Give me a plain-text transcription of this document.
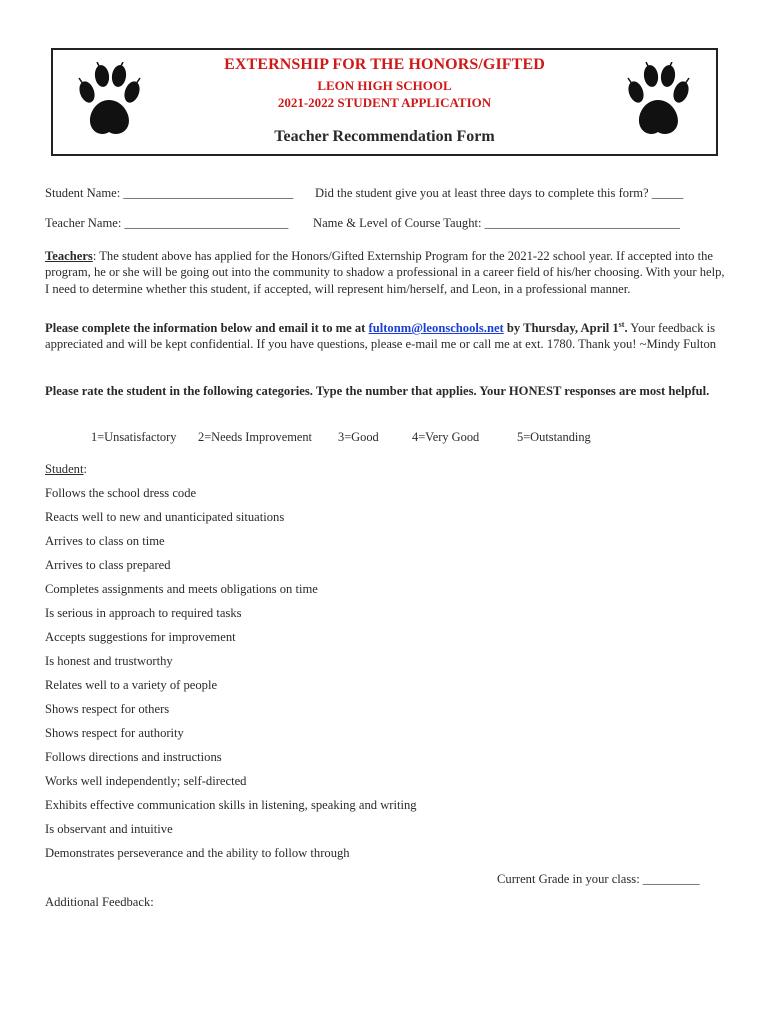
EXTERNSHIP FOR THE HONORS/GIFTED
LEON HIGH SCHOOL
2021-2022 STUDENT APPLICATION
Teacher Recommendation Form
Student Name: ___________________________ Did the student give you at least three days to complete this form? _____
Teacher Name: __________________________ Name & Level of Course Taught: _______________________________
Teachers: The student above has applied for the Honors/Gifted Externship Program for the 2021-22 school year. If accepted into the program, he or she will be going out into the community to shadow a professional in a career field of his/her choosing. With your help, I need to determine whether this student, if accepted, will represent him/herself, and Leon, in a professional manner.
Please complete the information below and email it to me at fultonm@leonschools.net by Thursday, April 1st. Your feedback is appreciated and will be kept confidential. If you have questions, please e-mail me or call me at ext. 1780. Thank you! ~Mindy Fulton
Please rate the student in the following categories. Type the number that applies. Your HONEST responses are most helpful.
1=Unsatisfactory 2=Needs Improvement 3=Good	4=Very Good	5=Outstanding
Student:
Follows the school dress code
Reacts well to new and unanticipated situations
Arrives to class on time
Arrives to class prepared
Completes assignments and meets obligations on time
Is serious in approach to required tasks
Accepts suggestions for improvement
Is honest and trustworthy
Relates well to a variety of people
Shows respect for others
Shows respect for authority
Follows directions and instructions
Works well independently; self-directed
Exhibits effective communication skills in listening, speaking and writing
Is observant and intuitive
Demonstrates perseverance and the ability to follow through
Current Grade in your class: _________
Additional Feedback:
